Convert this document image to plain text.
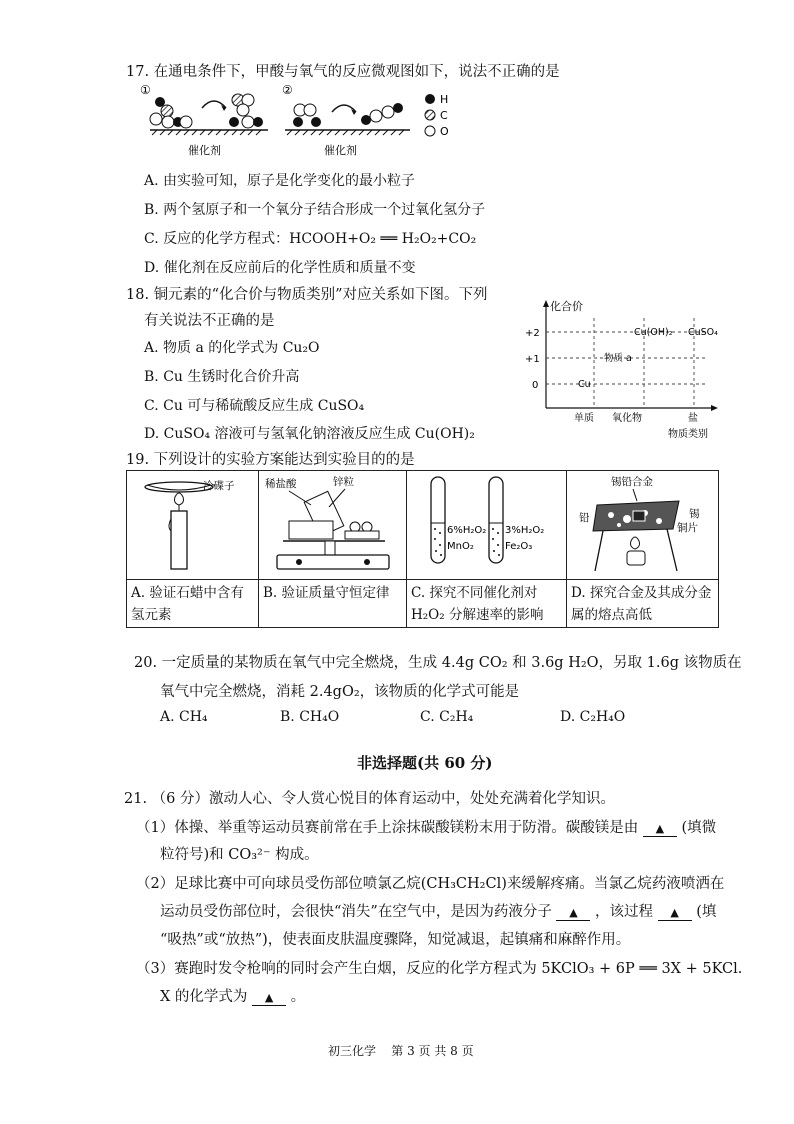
17. 在通电条件下，甲酸与氧气的反应微观图如下，说法不正确的是
①
催化剂
②
催化剂
H
C
O
A. 由实验可知，原子是化学变化的最小粒子
B. 两个氢原子和一个氧分子结合形成一个过氧化氢分子
C. 反应的化学方程式：HCOOH+O₂ ══ H₂O₂+CO₂
D. 催化剂在反应前后的化学性质和质量不变
18. 铜元素的“化合价与物质类别”对应关系如下图。下列
有关说法不正确的是
A. 物质 a 的化学式为 Cu₂O
B. Cu 生锈时化合价升高
C. Cu 可与稀硫酸反应生成 CuSO₄
D. CuSO₄ 溶液可与氢氧化钠溶液反应生成 Cu(OH)₂
化合价
+2
+1
0
Cu(OH)₂ CuSO₄
物质 a
Cu
单质 氧化物	盐
物质类别
19. 下列设计的实验方案能达到实验目的的是
冷碟子	稀盐酸 锌粒	6%H₂O₂
MnO₂
3%H₂O₂
Fe₂O₃	锡铅合金
铅 锡
铜片

A. 验证石蜡中含有氢元素	B. 验证质量守恒定律	C. 探究不同催化剂对 H₂O₂ 分解速率的影响	D. 探究合金及其成分金属的熔点高低
20. 一定质量的某物质在氧气中完全燃烧，生成 4.4g CO₂ 和 3.6g H₂O，另取 1.6g 该物质在
氧气中完全燃烧，消耗 2.4gO₂，该物质的化学式可能是
A. CH₄	B. CH₄O	C. C₂H₄	D. C₂H₄O
非选择题(共 60 分)
21. （6 分）激动人心、令人赏心悦目的体育运动中，处处充满着化学知识。
（1）体操、举重等运动员赛前常在手上涂抹碳酸镁粉末用于防滑。碳酸镁是由 ▲ (填微
粒符号)和 CO₃²⁻ 构成。
（2）足球比赛中可向球员受伤部位喷氯乙烷(CH₃CH₂Cl)来缓解疼痛。当氯乙烷药液喷洒在
运动员受伤部位时，会很快“消失”在空气中，是因为药液分子 ▲ ，该过程 ▲ (填
“吸热”或“放热”)，使表面皮肤温度骤降，知觉减退，起镇痛和麻醉作用。
（3）赛跑时发令枪响的同时会产生白烟，反应的化学方程式为 5KClO₃ + 6P ══ 3X + 5KCl.
X 的化学式为 ▲ 。
初三化学    第 3 页 共 8 页
